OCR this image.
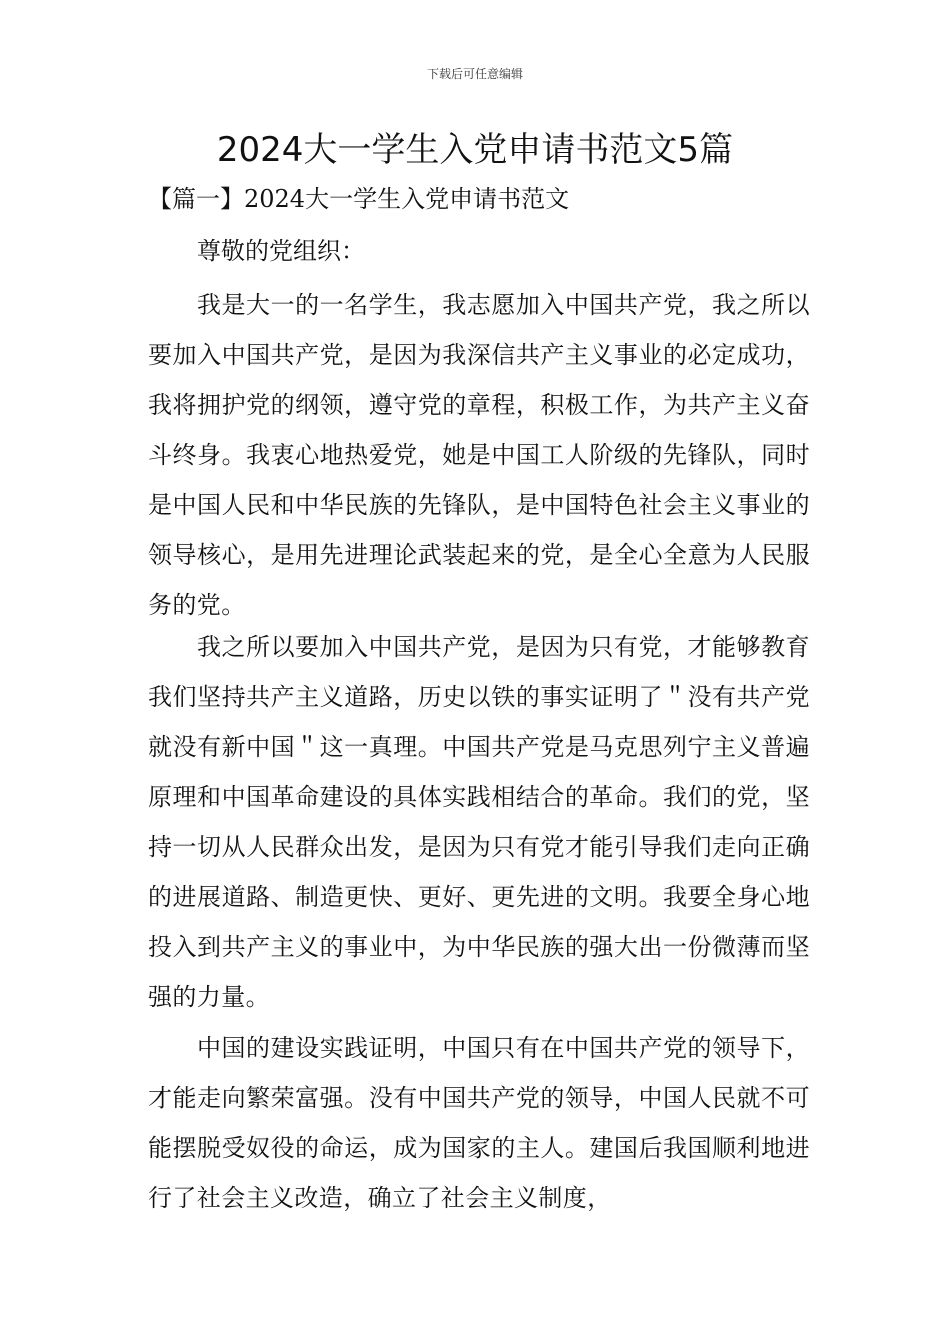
下载后可任意编辑
2024大一学生入党申请书范文5篇
【篇一】2024大一学生入党申请书范文
尊敬的党组织：

我是大一的一名学生，我志愿加入中国共产党，我之所以要加入中国共产党，是因为我深信共产主义事业的必定成功，我将拥护党的纲领，遵守党的章程，积极工作，为共产主义奋斗终身。我衷心地热爱党，她是中国工人阶级的先锋队，同时是中国人民和中华民族的先锋队，是中国特色社会主义事业的领导核心，是用先进理论武装起来的党，是全心全意为人民服务的党。

我之所以要加入中国共产党，是因为只有党，才能够教育我们坚持共产主义道路，历史以铁的事实证明了＂没有共产党就没有新中国＂这一真理。中国共产党是马克思列宁主义普遍原理和中国革命建设的具体实践相结合的革命。我们的党，坚持一切从人民群众出发，是因为只有党才能引导我们走向正确的进展道路、制造更快、更好、更先进的文明。我要全身心地投入到共产主义的事业中，为中华民族的强大出一份微薄而坚强的力量。

中国的建设实践证明，中国只有在中国共产党的领导下，才能走向繁荣富强。没有中国共产党的领导，中国人民就不可能摆脱受奴役的命运，成为国家的主人。建国后我国顺利地进行了社会主义改造，确立了社会主义制度，
